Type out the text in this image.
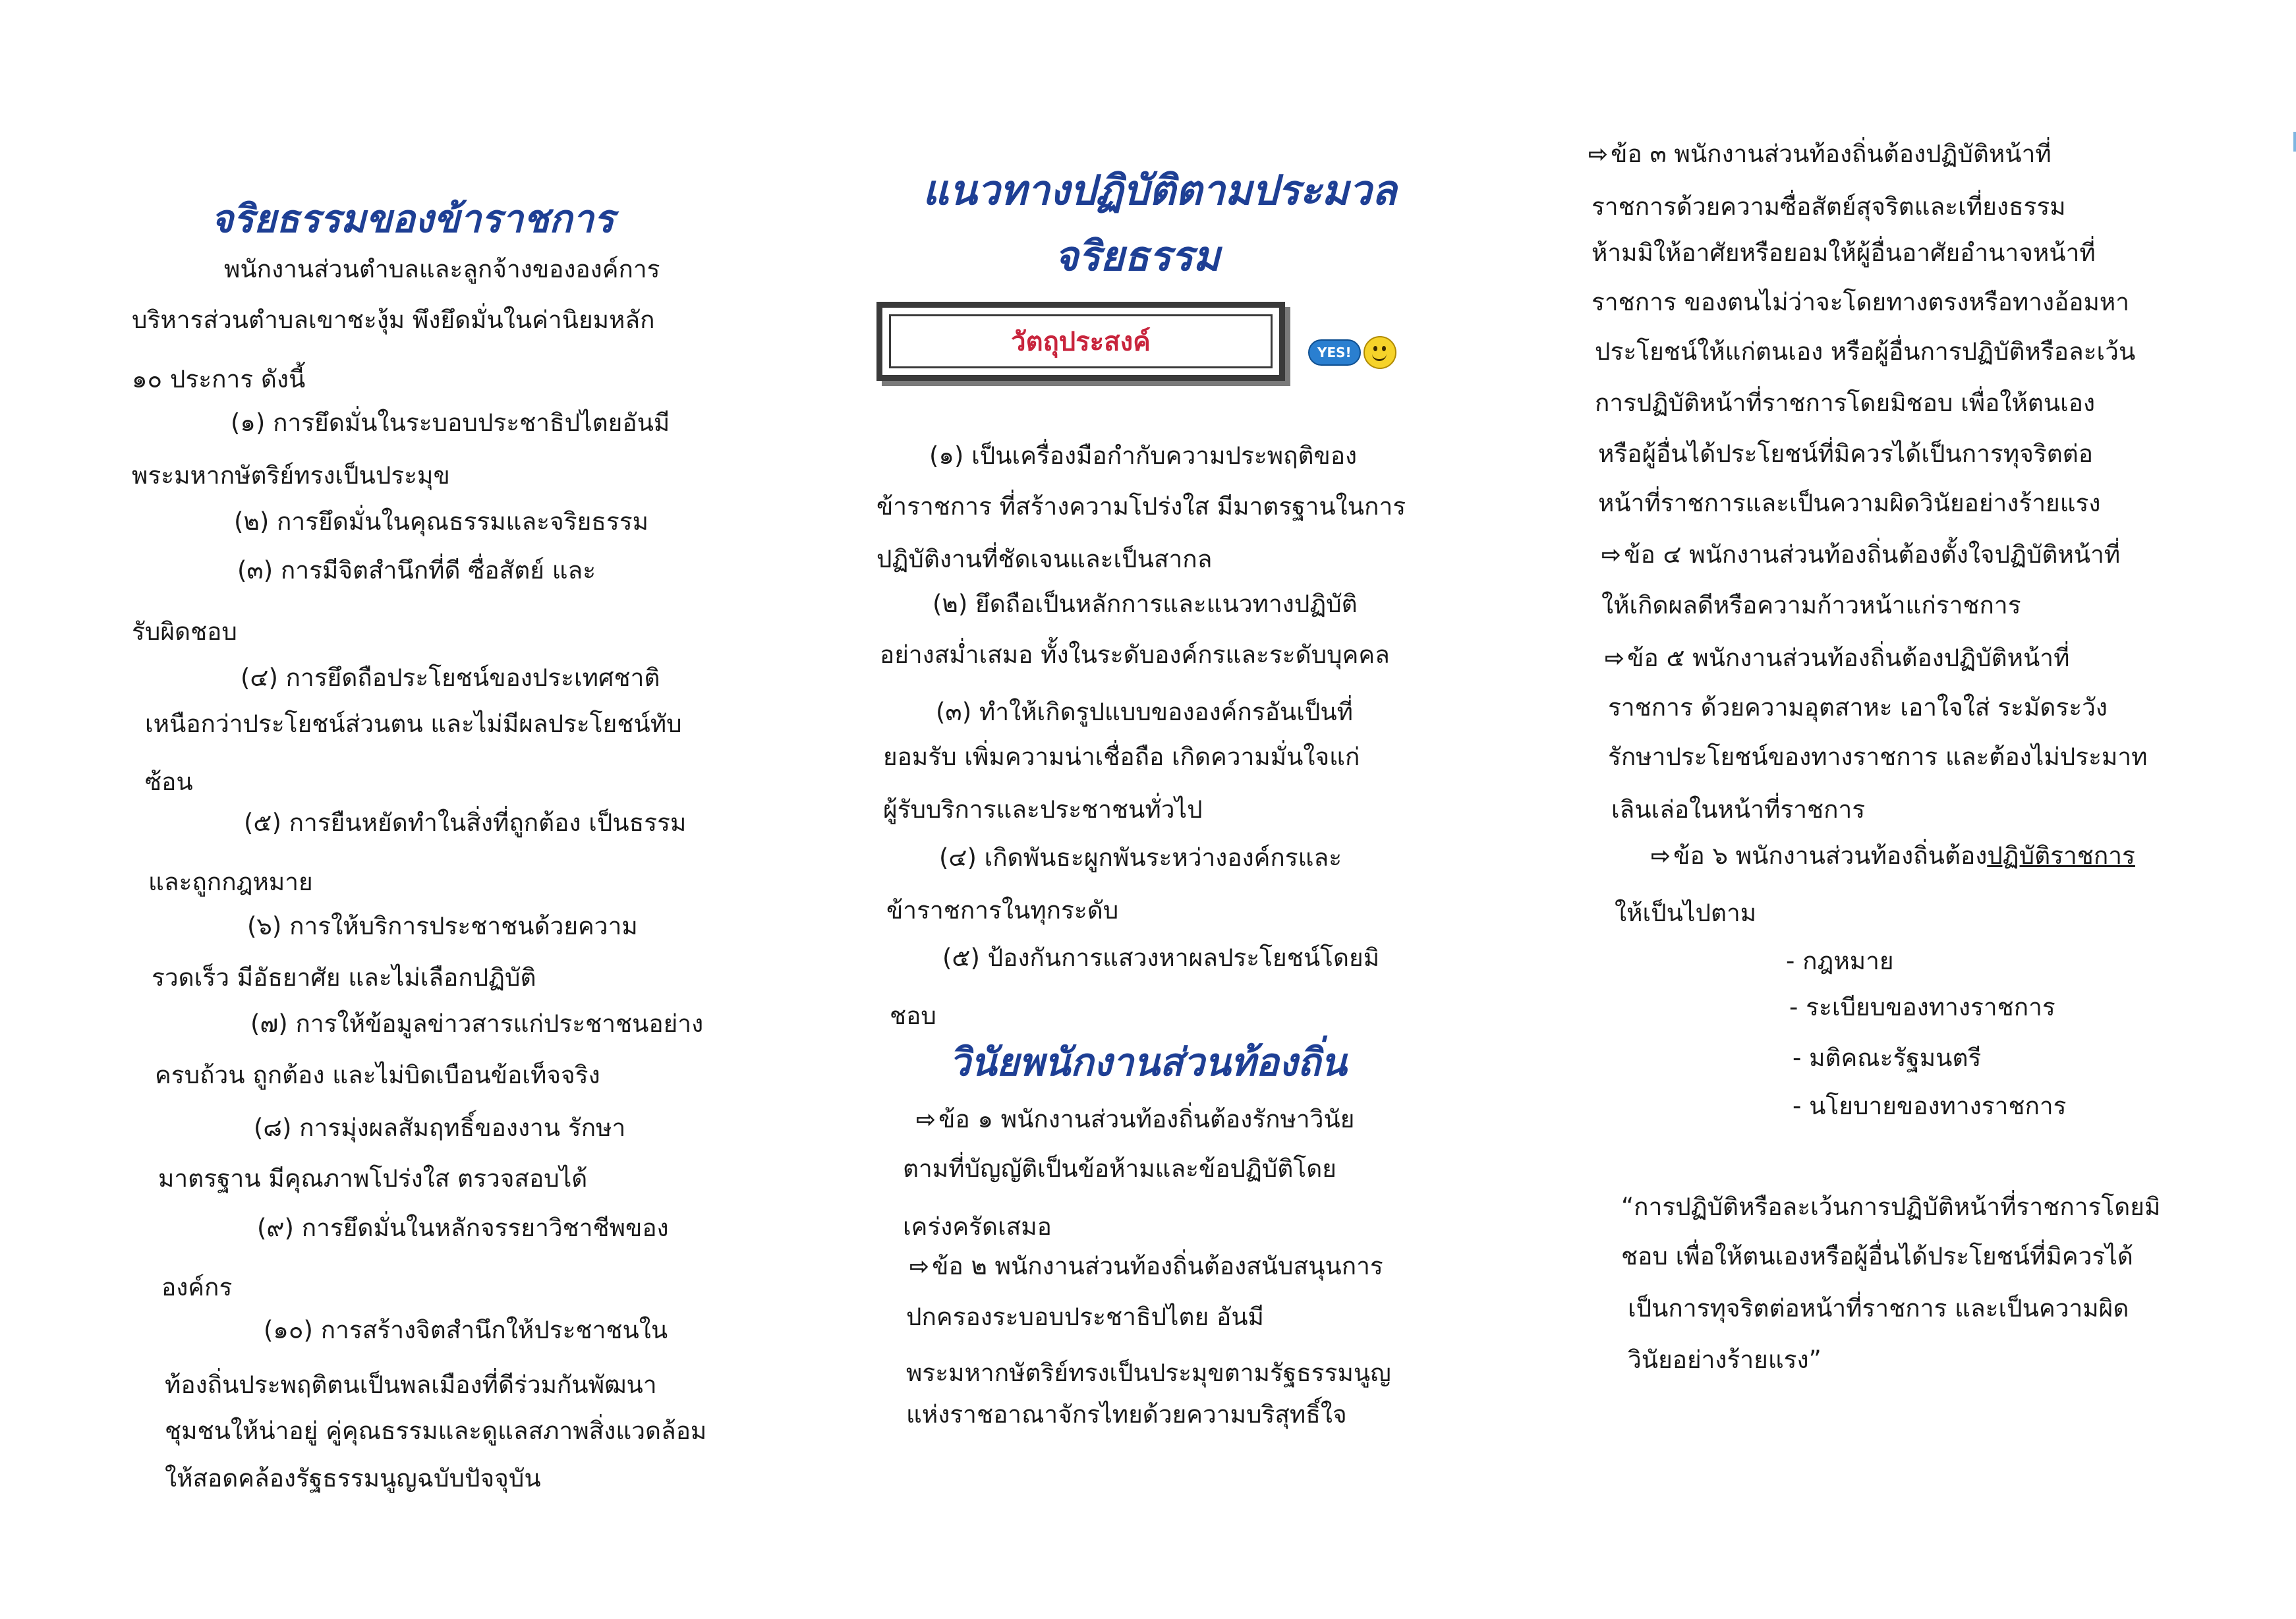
จริยธรรมของข้าราชการ
พนักงานส่วนตำบลและลูกจ้างขององค์การ
บริหารส่วนตำบลเขาชะงุ้ม พึงยึดมั่นในค่านิยมหลัก
๑๐ ประการ ดังนี้
(๑) การยึดมั่นในระบอบประชาธิปไตยอันมี
พระมหากษัตริย์ทรงเป็นประมุข
(๒) การยึดมั่นในคุณธรรมและจริยธรรม
(๓) การมีจิตสำนึกที่ดี ซื่อสัตย์ และ
รับผิดชอบ
(๔) การยึดถือประโยชน์ของประเทศชาติ
เหนือกว่าประโยชน์ส่วนตน และไม่มีผลประโยชน์ทับ
ซ้อน
(๕) การยืนหยัดทำในสิ่งที่ถูกต้อง เป็นธรรม
และถูกกฎหมาย
(๖) การให้บริการประชาชนด้วยความ
รวดเร็ว มีอัธยาศัย และไม่เลือกปฏิบัติ
(๗) การให้ข้อมูลข่าวสารแก่ประชาชนอย่าง
ครบถ้วน ถูกต้อง และไม่บิดเบือนข้อเท็จจริง
(๘) การมุ่งผลสัมฤทธิ์ของงาน รักษา
มาตรฐาน มีคุณภาพโปร่งใส ตรวจสอบได้
(๙) การยึดมั่นในหลักจรรยาวิชาชีพของ
องค์กร
(๑๐) การสร้างจิตสำนึกให้ประชาชนใน
ท้องถิ่นประพฤติตนเป็นพลเมืองที่ดีร่วมกันพัฒนา
ชุมชนให้น่าอยู่ คู่คุณธรรมและดูแลสภาพสิ่งแวดล้อม
ให้สอดคล้องรัฐธรรมนูญฉบับปัจจุบัน
แนวทางปฏิบัติตามประมวล
จริยธรรม
วัตถุประสงค์	YES!
(๑) เป็นเครื่องมือกำกับความประพฤติของ
ข้าราชการ ที่สร้างความโปร่งใส มีมาตรฐานในการ
ปฏิบัติงานที่ชัดเจนและเป็นสากล
(๒) ยึดถือเป็นหลักการและแนวทางปฏิบัติ
อย่างสม่ำเสมอ ทั้งในระดับองค์กรและระดับบุคคล
(๓) ทำให้เกิดรูปแบบขององค์กรอันเป็นที่
ยอมรับ เพิ่มความน่าเชื่อถือ เกิดความมั่นใจแก่
ผู้รับบริการและประชาชนทั่วไป
(๔) เกิดพันธะผูกพันระหว่างองค์กรและ
ข้าราชการในทุกระดับ
(๕) ป้องกันการแสวงหาผลประโยชน์โดยมิ
ชอบ
วินัยพนักงานส่วนท้องถิ่น
⇨ ข้อ ๑ พนักงานส่วนท้องถิ่นต้องรักษาวินัย
ตามที่บัญญัติเป็นข้อห้ามและข้อปฏิบัติโดย
เคร่งครัดเสมอ
⇨ ข้อ ๒ พนักงานส่วนท้องถิ่นต้องสนับสนุนการ
ปกครองระบอบประชาธิปไตย อันมี
พระมหากษัตริย์ทรงเป็นประมุขตามรัฐธรรมนูญ
แห่งราชอาณาจักรไทยด้วยความบริสุทธิ์ใจ
⇨ ข้อ ๓ พนักงานส่วนท้องถิ่นต้องปฏิบัติหน้าที่
ราชการด้วยความซื่อสัตย์สุจริตและเที่ยงธรรม
ห้ามมิให้อาศัยหรือยอมให้ผู้อื่นอาศัยอำนาจหน้าที่
ราชการ ของตนไม่ว่าจะโดยทางตรงหรือทางอ้อมหา
ประโยชน์ให้แก่ตนเอง หรือผู้อื่นการปฏิบัติหรือละเว้น
การปฏิบัติหน้าที่ราชการโดยมิชอบ เพื่อให้ตนเอง
หรือผู้อื่นได้ประโยชน์ที่มิควรได้เป็นการทุจริตต่อ
หน้าที่ราชการและเป็นความผิดวินัยอย่างร้ายแรง
⇨ ข้อ ๔ พนักงานส่วนท้องถิ่นต้องตั้งใจปฏิบัติหน้าที่
ให้เกิดผลดีหรือความก้าวหน้าแก่ราชการ
⇨ ข้อ ๕ พนักงานส่วนท้องถิ่นต้องปฏิบัติหน้าที่
ราชการ ด้วยความอุตสาหะ เอาใจใส่ ระมัดระวัง
รักษาประโยชน์ของทางราชการ และต้องไม่ประมาท
เลินเล่อในหน้าที่ราชการ
⇨ ข้อ ๖ พนักงานส่วนท้องถิ่นต้องปฏิบัติราชการ
ให้เป็นไปตาม
- กฎหมาย
- ระเบียบของทางราชการ
- มติคณะรัฐมนตรี
- นโยบายของทางราชการ
“การปฏิบัติหรือละเว้นการปฏิบัติหน้าที่ราชการโดยมิ
ชอบ เพื่อให้ตนเองหรือผู้อื่นได้ประโยชน์ที่มิควรได้
เป็นการทุจริตต่อหน้าที่ราชการ และเป็นความผิด
วินัยอย่างร้ายแรง”
